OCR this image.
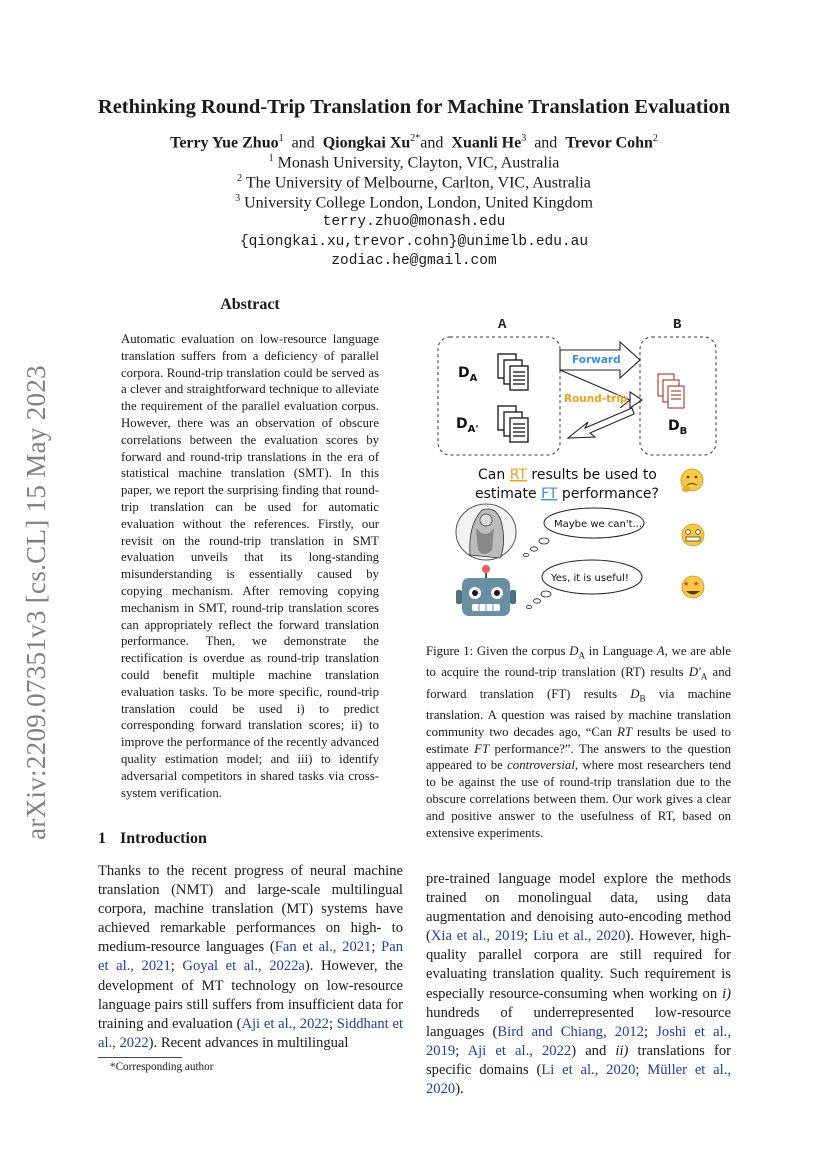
arXiv:2209.07351v3 [cs.CL] 15 May 2023
Rethinking Round-Trip Translation for Machine Translation Evaluation
Terry Yue Zhuo$^1$ and Qiongkai $Xu^{2*}and$ Xuanli He$^3$ and Trevor Cohn$^2$
$^1$ Monash University, Clayton, VIC, Australia
$^2$ The University of Melbourne, Carlton, VIC, Australia
$^3$ University College London, London, United Kingdom
terry.zhuo@monash.edu
{qiongkai.xu,trevor.cohn}@unimelb.edu.au
zodiac.he@gmail.com
Abstract

Automatic evaluation on low-resource language translation suffers from a deficiency of parallel corpora. Round-trip translation could be served as a clever and straightforward technique to alleviate the requirement of the parallel evaluation corpus. However, there was an observation of obscure correlations between the evaluation scores by forward and round-trip translations in the era of statistical machine translation (SMT). In this paper, we report the surprising finding that round-trip translation can be used for automatic evaluation without the references. Firstly, our revisit on the round-trip translation in SMT evaluation unveils that its long-standing misunderstanding is essentially caused by copying mechanism. After removing copying mechanism in SMT, round-trip translation scores can appropriately reflect the forward translation performance. Then, we demonstrate the rectification is overdue as round-trip translation could benefit multiple machine translation evaluation tasks. To be more specific, round-trip translation could be used i) to predict corresponding forward translation scores; ii) to improve the performance of the recently advanced quality estimation model; and iii) to identify adversarial competitors in shared tasks via cross-system verification.

A	B
$D_A$
$D_{A'}$	$D_B$
Forward
Round-trip
Can RT results be used to
estimate FT performance?
Maybe we can't...
Yes, it is useful!	★ ★

Figure 1: Given the corpus $D_A$ in Language A, we are able to acquire the round-trip translation (RT) results $D'_A$ and forward translation (FT) results $D_B$ via machine translation. A question was raised by machine translation community two decades ago, “Can RT results be used to estimate FT performance?”. The answers to the question appeared to be controversial, where most researchers tend to be against the use of round-trip translation due to the obscure correlations between them. Our work gives a clear and positive answer to the usefulness of RT, based on extensive experiments.

1 Introduction

Thanks to the recent progress of neural machine translation (NMT) and large-scale multilingual corpora, machine translation (MT) systems have achieved remarkable performances on high- to medium-resource languages (Fan et al., 2021; Pan et al., 2021; Goyal et al., 2022a). However, the development of MT technology on low-resource language pairs still suffers from insufficient data for training and evaluation (Aji et al., 2022; Siddhant et al., 2022). Recent advances in multilingual

pre-trained language model explore the methods trained on monolingual data, using data augmentation and denoising auto-encoding method (Xia et al., 2019; Liu et al., 2020). However, high-quality parallel corpora are still required for evaluating translation quality. Such requirement is especially resource-consuming when working on i) hundreds of underrepresented low-resource languages (Bird and Chiang, 2012; Joshi et al., 2019; Aji et al., 2022) and ii) translations for specific domains (Li et al., 2020; Müller et al., 2020).

*Corresponding author
